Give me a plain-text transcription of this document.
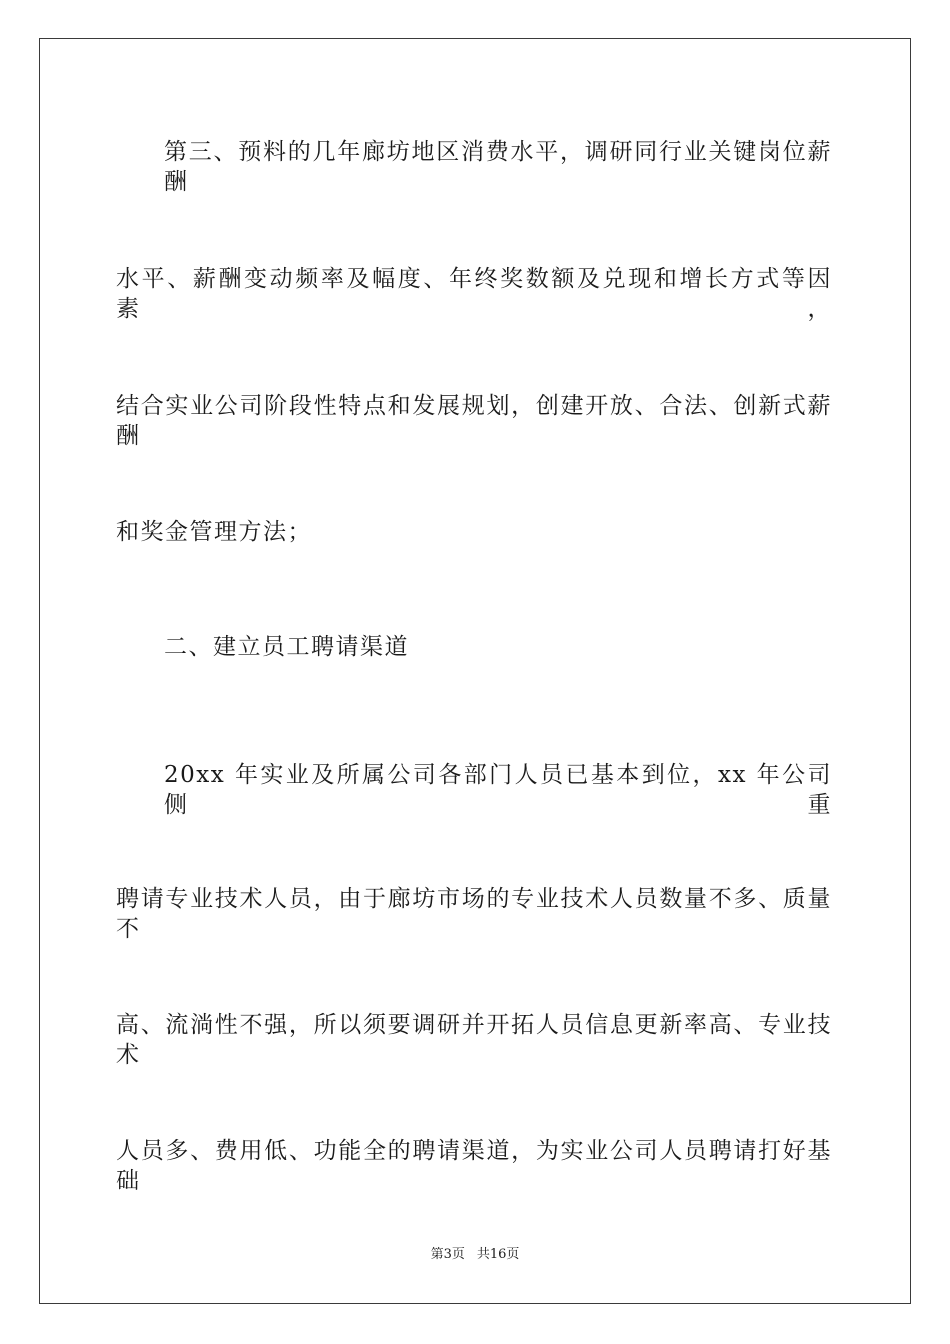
第三、预料的几年廊坊地区消费水平，调研同行业关键岗位薪酬
水平、薪酬变动频率及幅度、年终奖数额及兑现和增长方式等因素，
结合实业公司阶段性特点和发展规划，创建开放、合法、创新式薪酬
和奖金管理方法；
二、建立员工聘请渠道
20xx 年实业及所属公司各部门人员已基本到位，xx 年公司侧重
聘请专业技术人员，由于廊坊市场的专业技术人员数量不多、质量不
高、流淌性不强，所以须要调研并开拓人员信息更新率高、专业技术
人员多、费用低、功能全的聘请渠道，为实业公司人员聘请打好基础
第3页 共16页
